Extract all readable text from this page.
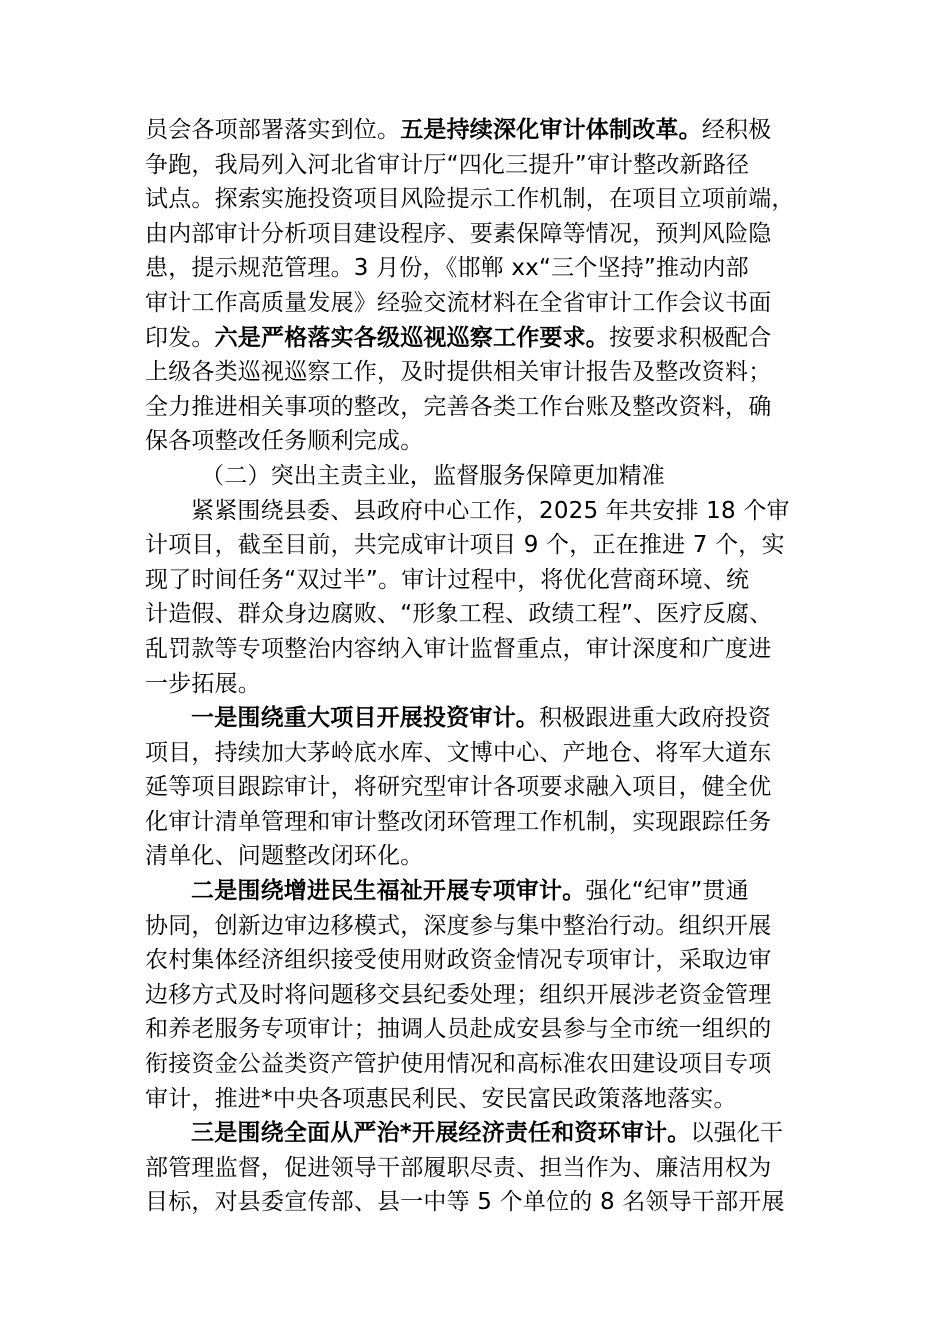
员会各项部署落实到位。五是持续深化审计体制改革。经积极
争跑，我局列入河北省审计厅“四化三提升”审计整改新路径
试点。探索实施投资项目风险提示工作机制，在项目立项前端，
由内部审计分析项目建设程序、要素保障等情况，预判风险隐
患，提示规范管理。3 月份，《邯郸 xx“三个坚持”推动内部
审计工作高质量发展》经验交流材料在全省审计工作会议书面
印发。六是严格落实各级巡视巡察工作要求。按要求积极配合
上级各类巡视巡察工作，及时提供相关审计报告及整改资料；
全力推进相关事项的整改，完善各类工作台账及整改资料，确
保各项整改任务顺利完成。
（二）突出主责主业，监督服务保障更加精准
紧紧围绕县委、县政府中心工作，2025 年共安排 18 个审
计项目，截至目前，共完成审计项目 9 个，正在推进 7 个，实
现了时间任务“双过半”。审计过程中，将优化营商环境、统
计造假、群众身边腐败、“形象工程、政绩工程”、医疗反腐、
乱罚款等专项整治内容纳入审计监督重点，审计深度和广度进
一步拓展。
一是围绕重大项目开展投资审计。积极跟进重大政府投资
项目，持续加大茅岭底水库、文博中心、产地仓、将军大道东
延等项目跟踪审计，将研究型审计各项要求融入项目，健全优
化审计清单管理和审计整改闭环管理工作机制，实现跟踪任务
清单化、问题整改闭环化。
二是围绕增进民生福祉开展专项审计。强化“纪审”贯通
协同，创新边审边移模式，深度参与集中整治行动。组织开展
农村集体经济组织接受使用财政资金情况专项审计，采取边审
边移方式及时将问题移交县纪委处理；组织开展涉老资金管理
和养老服务专项审计；抽调人员赴成安县参与全市统一组织的
衔接资金公益类资产管护使用情况和高标准农田建设项目专项
审计，推进*中央各项惠民利民、安民富民政策落地落实。
三是围绕全面从严治*开展经济责任和资环审计。以强化干
部管理监督，促进领导干部履职尽责、担当作为、廉洁用权为
目标，对县委宣传部、县一中等 5 个单位的 8 名领导干部开展
